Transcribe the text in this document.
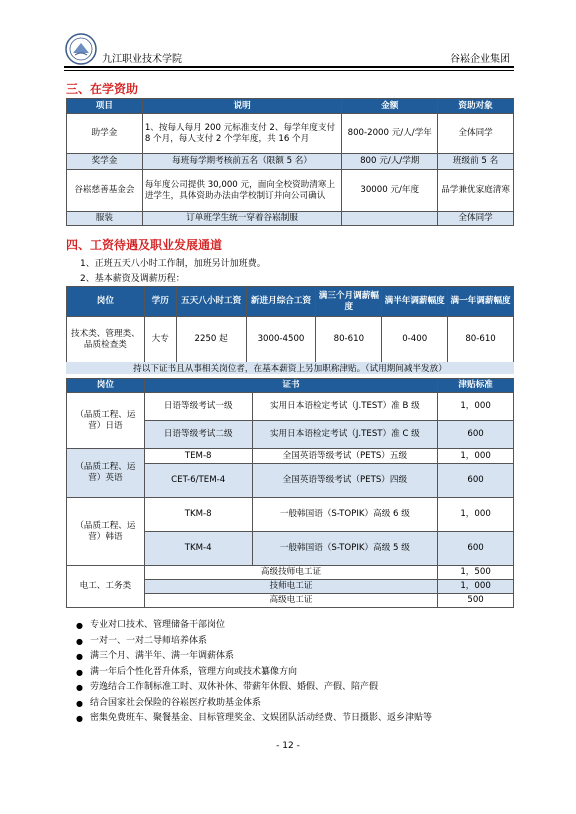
九江职业技术学院	谷崧企业集团
三、在学资助
项目	说明	金额	资助对象
助学金	1、按每人每月 200 元标准支付 2、每学年度支付 8 个月，每人支付 2 个学年度，共 16 个月	800-2000 元/人/学年	全体同学
奖学金	每班每学期考核前五名（限额 5 名）	800 元/人/学期	班级前 5 名
谷崧慈善基金会	每年度公司提供 30,000 元，面向全校资助清寒上进学生，具体资助办法由学校制订并向公司确认	30000 元/年度	品学兼优家庭清寒
服装	订单班学生统一穿着谷崧制服		全体同学
四、工资待遇及职业发展通道
1、正班五天八小时工作制，加班另计加班费。
2、基本薪资及调薪历程：
岗位	学历	五天八小时工资	新进月综合工资	满三个月调薪幅度	满半年调薪幅度	满一年调薪幅度
技术类、管理类、品质检查类	大专	2250 起	3000-4500	80-610	0-400	80-610
持以下证书且从事相关岗位者，在基本薪资上另加职称津贴。（试用期间减半发放）
岗位	证书		津贴标准
（品质工程、运营）日语	日语等级考试一级	实用日本语检定考试（J.TEST）准 B 级	1，000
	日语等级考试二级	实用日本语检定考试（J.TEST）准 C 级	600
（品质工程、运营）英语	TEM-8	全国英语等级考试（PETS）五级	1，000
	CET-6/TEM-4	全国英语等级考试（PETS）四级	600
（品质工程、运营）韩语	TKM-8	一般韩国语（S-TOPIK）高级 6 级	1，000
	TKM-4	一般韩国语（S-TOPIK）高级 5 级	600
电工、工务类	高级技师电工证		1，500
	技师电工证		1，000
	高级电工证		500
● 专业对口技术、管理储备干部岗位
● 一对一、一对二导师培养体系
● 满三个月、满半年、满一年调薪体系
● 满一年后个性化晋升体系，管理方向或技术纂像方向
● 劳逸结合工作制标准工时、双休补休、带薪年休假、婚假、产假、陪产假
● 结合国家社会保险的谷崧医疗救助基金体系
● 密集免费班车、聚餐基金、目标管理奖金、文娱团队活动经费、节日摄影、返乡津贴等
- 12 -
